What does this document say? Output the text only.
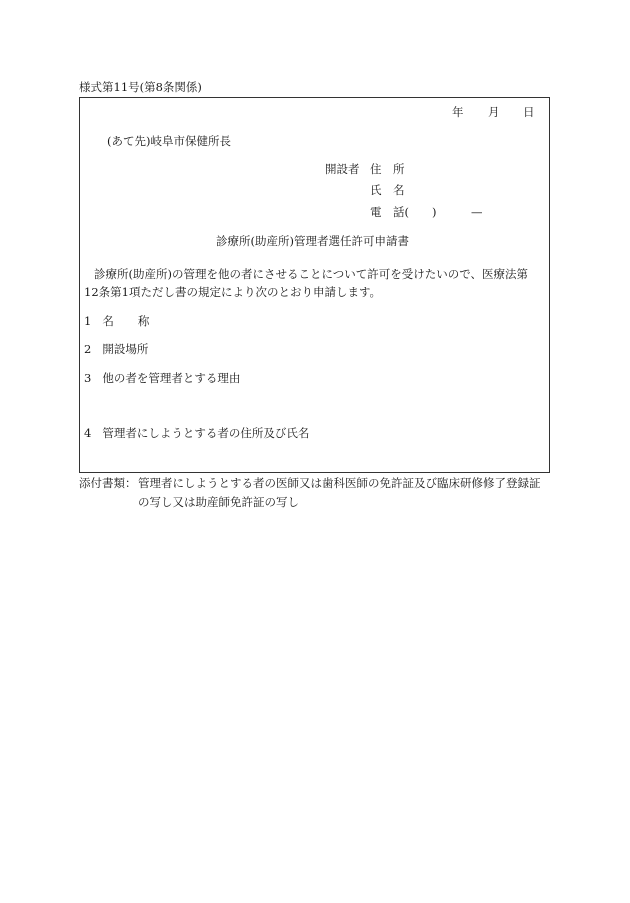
様式第11号(第8条関係)
年 月 日
(あて先)岐阜市保健所長
開設者 住　所
氏　名
電　話(　　)　　　—
診療所(助産所)管理者選任許可申請書
診療所(助産所)の管理を他の者にさせることについて許可を受けたいので、医療法第
12条第1項ただし書の規定により次のとおり申請します。
1 名 称
2 開設場所
3 他の者を管理者とする理由
4 管理者にしようとする者の住所及び氏名
添付書類： 管理者にしようとする者の医師又は歯科医師の免許証及び臨床研修修了登録証
の写し又は助産師免許証の写し
